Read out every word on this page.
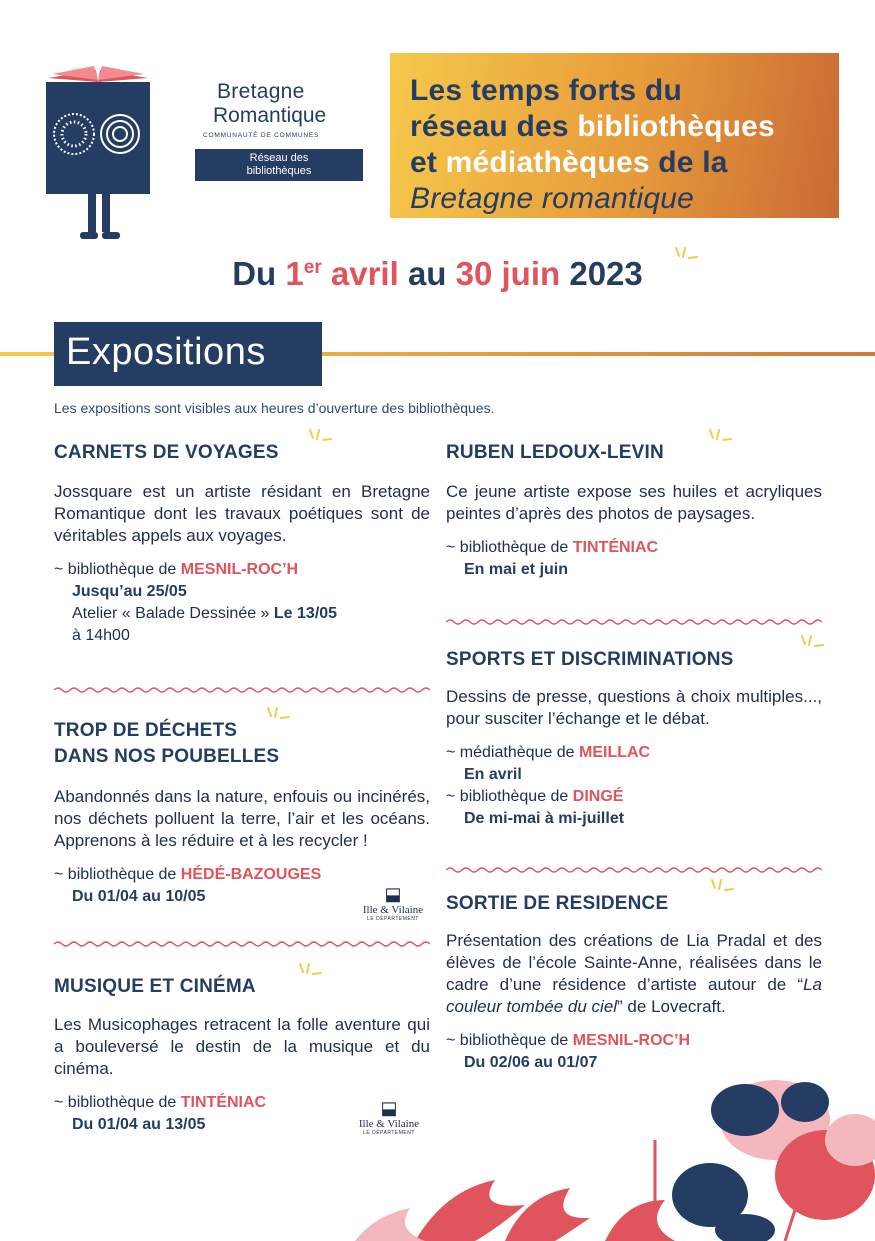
Bretagne
Romantique
COMMUNAUTÉ DE COMMUNES
Réseau des
bibliothèques
Les temps forts du
réseau des bibliothèques
et médiathèques de la
Bretagne romantique
Du 1er avril au 30 juin 2023
Expositions
Les expositions sont visibles aux heures d’ouverture des bibliothèques.
CARNETS DE VOYAGES
Jossquare est un artiste résidant en Bretagne Romantique dont les travaux poétiques sont de véritables appels aux voyages.
~ bibliothèque de MESNIL-ROC’H
Jusqu’au 25/05
Atelier « Balade Dessinée » Le 13/05
à 14h00
TROP DE DÉCHETS
DANS NOS POUBELLES
Abandonnés dans la nature, enfouis ou incinérés, nos déchets polluent la terre, l’air et les océans. Apprenons à les réduire et à les recycler !
~ bibliothèque de HÉDÉ-BAZOUGES
Du 01/04 au 10/05	⬓
Ille & Vilaine
LE DÉPARTEMENT
MUSIQUE ET CINÉMA
Les Musicophages retracent la folle aventure qui a bouleversé le destin de la musique et du cinéma.
~ bibliothèque de TINTÉNIAC
Du 01/04 au 13/05
⬓
Ille & Vilaine
LE DÉPARTEMENT
RUBEN LEDOUX-LEVIN
Ce jeune artiste expose ses huiles et acryliques peintes d’après des photos de paysages.
~ bibliothèque de TINTÉNIAC
En mai et juin
SPORTS ET DISCRIMINATIONS
Dessins de presse, questions à choix multiples..., pour susciter l’échange et le débat.
~ médiathèque de MEILLAC
En avril
~ bibliothèque de DINGÉ
De mi-mai à mi-juillet
SORTIE DE RESIDENCE
Présentation des créations de Lia Pradal et des élèves de l’école Sainte-Anne, réalisées dans le cadre d’une résidence d’artiste autour de “La couleur tombée du ciel” de Lovecraft.
~ bibliothèque de MESNIL-ROC’H
Du 02/06 au 01/07
